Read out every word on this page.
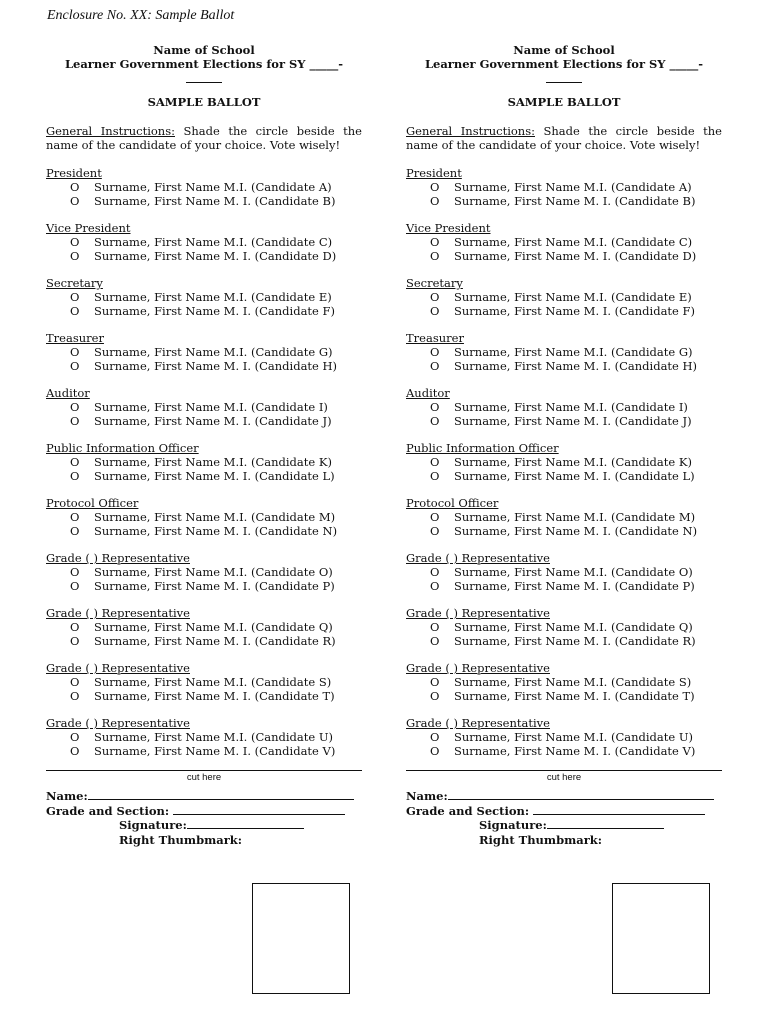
Enclosure No. XX: Sample Ballot
Name of School
Learner Government Elections for SY _____-
SAMPLE BALLOT
General Instructions: Shade the circle beside the name of the candidate of your choice. Vote wisely!
President
O Surname, First Name M.I. (Candidate A)
O Surname, First Name M. I. (Candidate B)
Vice President
O Surname, First Name M.I. (Candidate C)
O Surname, First Name M. I. (Candidate D)
Secretary
O Surname, First Name M.I. (Candidate E)
O Surname, First Name M. I. (Candidate F)
Treasurer
O Surname, First Name M.I. (Candidate G)
O Surname, First Name M. I. (Candidate H)
Auditor
O Surname, First Name M.I. (Candidate I)
O Surname, First Name M. I. (Candidate J)
Public Information Officer
O Surname, First Name M.I. (Candidate K)
O Surname, First Name M. I. (Candidate L)
Protocol Officer
O Surname, First Name M.I. (Candidate M)
O Surname, First Name M. I. (Candidate N)
Grade ( ) Representative
O Surname, First Name M.I. (Candidate O)
O Surname, First Name M. I. (Candidate P)
Grade ( ) Representative
O Surname, First Name M.I. (Candidate Q)
O Surname, First Name M. I. (Candidate R)
Grade ( ) Representative
O Surname, First Name M.I. (Candidate S)
O Surname, First Name M. I. (Candidate T)
Grade ( ) Representative
O Surname, First Name M.I. (Candidate U)
O Surname, First Name M. I. (Candidate V)
cut here
Name:
Grade and Section:
Signature:
Right Thumbmark:
Name of School
Learner Government Elections for SY _____-
SAMPLE BALLOT
General Instructions: Shade the circle beside the name of the candidate of your choice. Vote wisely!
President
O Surname, First Name M.I. (Candidate A)
O Surname, First Name M. I. (Candidate B)
Vice President
O Surname, First Name M.I. (Candidate C)
O Surname, First Name M. I. (Candidate D)
Secretary
O Surname, First Name M.I. (Candidate E)
O Surname, First Name M. I. (Candidate F)
Treasurer
O Surname, First Name M.I. (Candidate G)
O Surname, First Name M. I. (Candidate H)
Auditor
O Surname, First Name M.I. (Candidate I)
O Surname, First Name M. I. (Candidate J)
Public Information Officer
O Surname, First Name M.I. (Candidate K)
O Surname, First Name M. I. (Candidate L)
Protocol Officer
O Surname, First Name M.I. (Candidate M)
O Surname, First Name M. I. (Candidate N)
Grade ( ) Representative
O Surname, First Name M.I. (Candidate O)
O Surname, First Name M. I. (Candidate P)
Grade ( ) Representative
O Surname, First Name M.I. (Candidate Q)
O Surname, First Name M. I. (Candidate R)
Grade ( ) Representative
O Surname, First Name M.I. (Candidate S)
O Surname, First Name M. I. (Candidate T)
Grade ( ) Representative
O Surname, First Name M.I. (Candidate U)
O Surname, First Name M. I. (Candidate V)
cut here
Name:
Grade and Section:
Signature:
Right Thumbmark:
